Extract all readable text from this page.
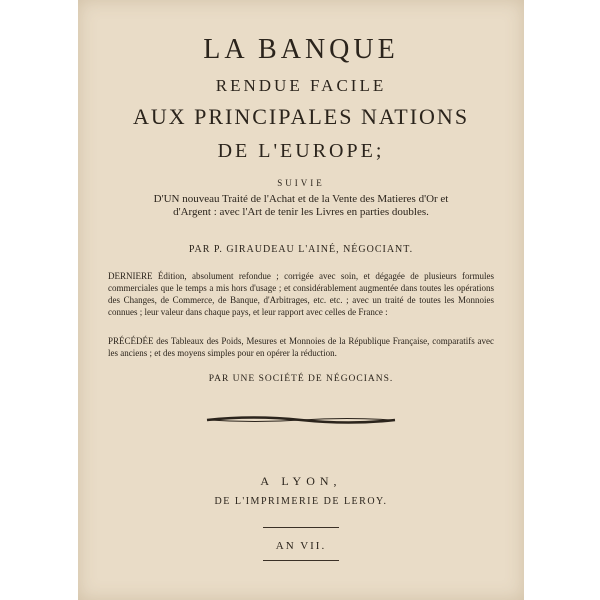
LA BANQUE
RENDUE FACILE
AUX PRINCIPALES NATIONS
DE L'EUROPE;
SUIVIE
D'UN nouveau Traité de l'Achat et de la Vente des Matieres d'Or et
d'Argent : avec l'Art de tenir les Livres en parties doubles.
PAR P. GIRAUDEAU L'AINÉ, NÉGOCIANT.
DERNIERE Édition, absolument refondue ; corrigée avec soin, et dégagée de plusieurs formules commerciales que le temps a mis hors d'usage ; et considérablement augmentée dans toutes les opérations des Changes, de Commerce, de Banque, d'Arbitrages, etc. etc. ; avec un traité de toutes les Monnoies connues ; leur valeur dans chaque pays, et leur rapport avec celles de France :
PRÉCÉDÉE des Tableaux des Poids, Mesures et Monnoies de la République Française, comparatifs avec les anciens ; et des moyens simples pour en opérer la réduction.
PAR UNE SOCIÉTÉ DE NÉGOCIANS.
A LYON,
DE L'IMPRIMERIE DE LEROY.
AN VII.
